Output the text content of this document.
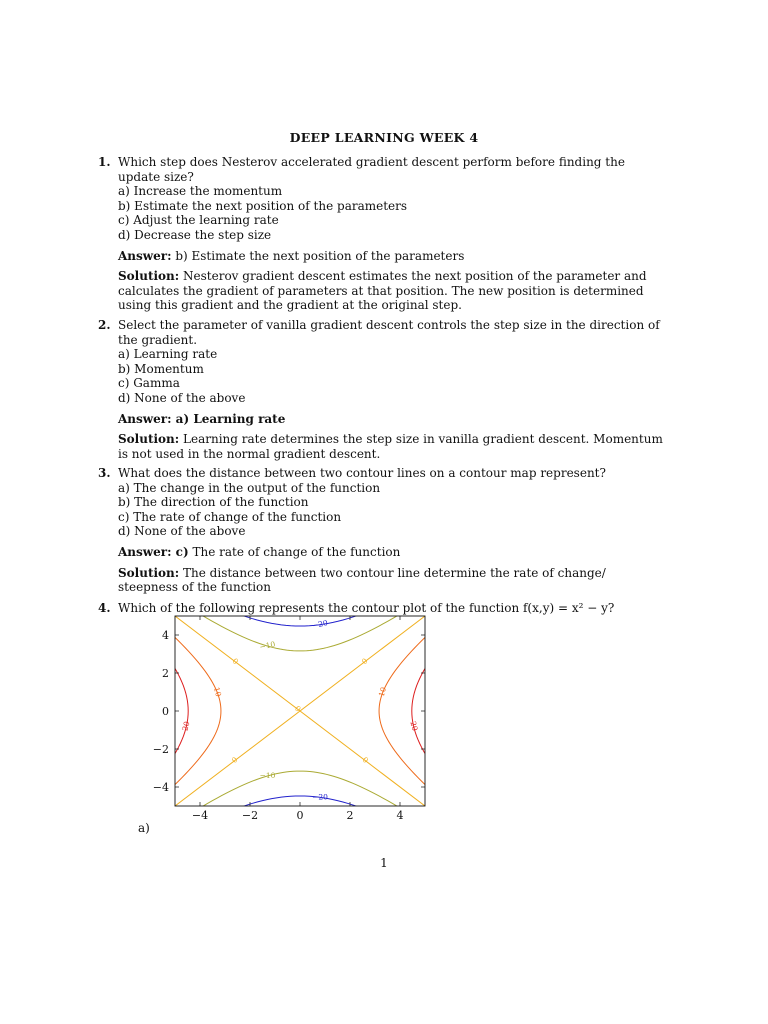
DEEP LEARNING WEEK 4
1. Which step does Nesterov accelerated gradient descent perform before finding the update size?

a) Increase the momentum

b) Estimate the next position of the parameters

c) Adjust the learning rate

d) Decrease the step size

Answer: b) Estimate the next position of the parameters

Solution: Nesterov gradient descent estimates the next position of the parameter and calculates the gradient of parameters at that position. The new position is determined using this gradient and the gradient at the original step.

2. Select the parameter of vanilla gradient descent controls the step size in the direction of the gradient.

a) Learning rate

b) Momentum

c) Gamma

d) None of the above

Answer: a) Learning rate

Solution: Learning rate determines the step size in vanilla gradient descent. Momentum is not used in the normal gradient descent.

3. What does the distance between two contour lines on a contour map represent?

a) The change in the output of the function

b) The direction of the function

c) The rate of change of the function

d) None of the above

Answer: c) The rate of change of the function

Solution: The distance between two contour line determine the rate of change/ steepness of the function

4. Which of the following represents the contour plot of the function f(x,y) = x² − y?

−20
−20
−10
−10
0	0
0	0
0
10	10
20	20
−4	−2	0	2	4
4
2
0
−2
−4
a)
1
